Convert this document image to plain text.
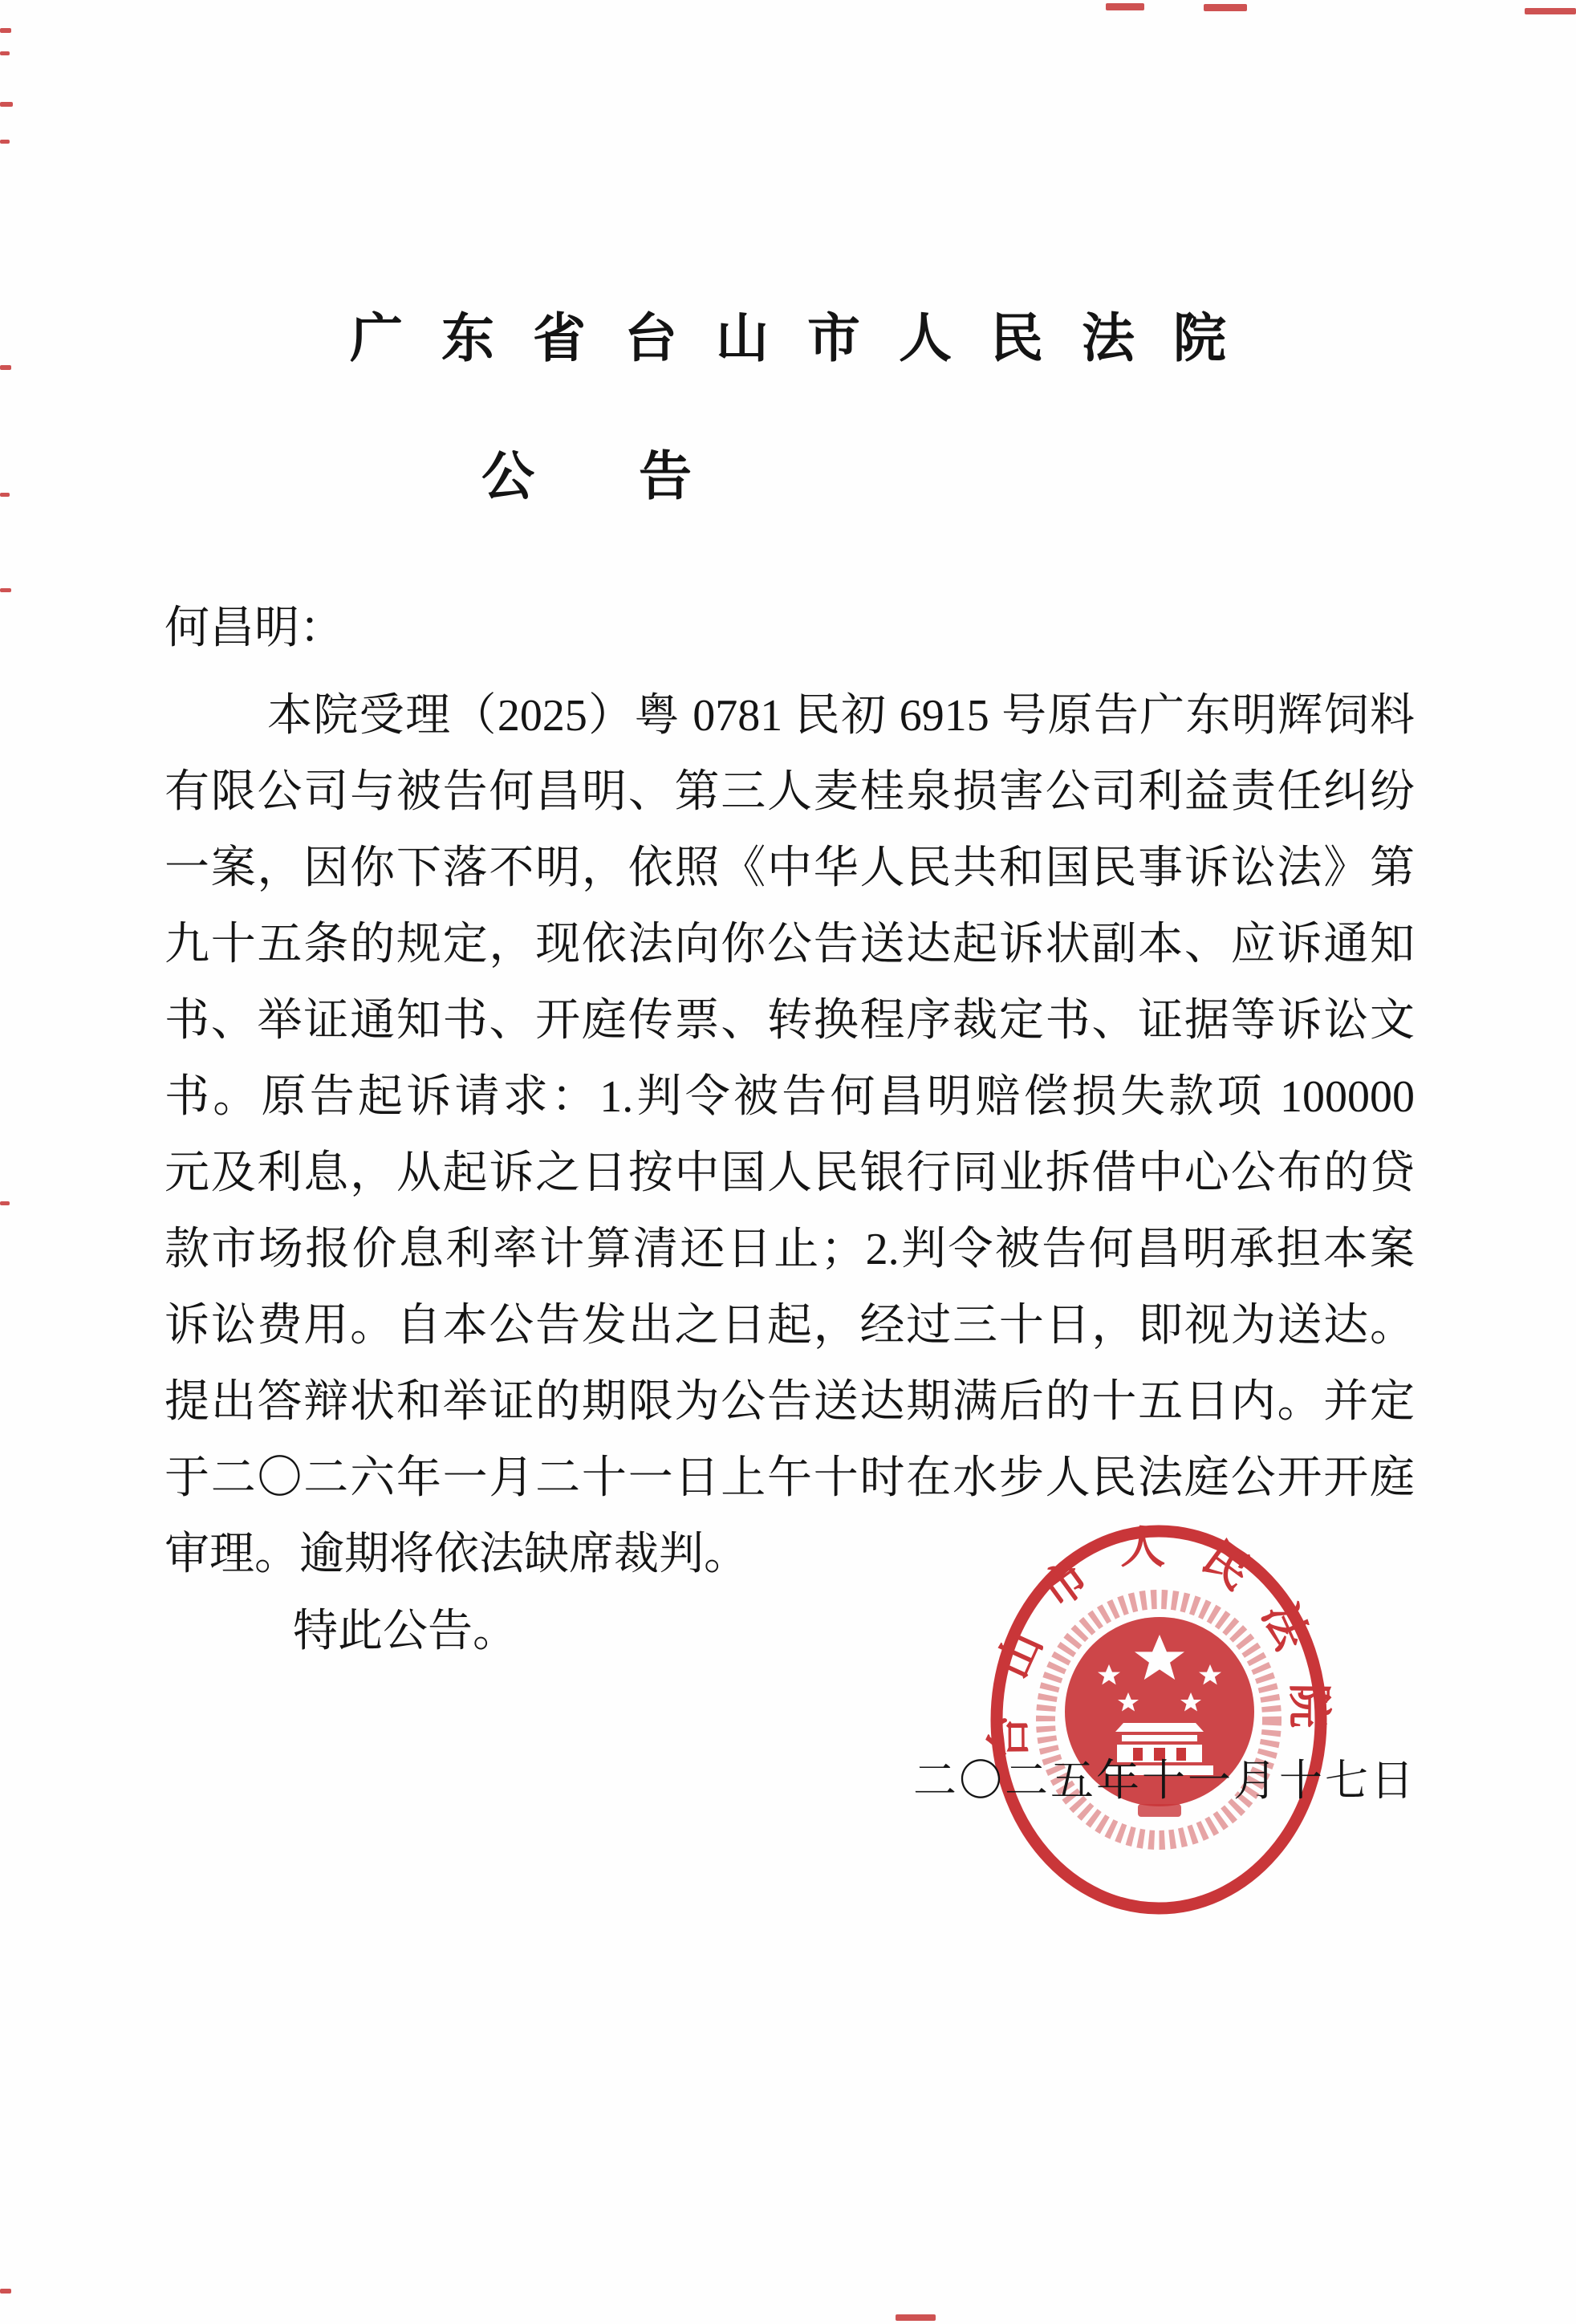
广东省台山市人民法院
公　告
何昌明：
本院受理（2025）粤 0781 民初 6915 号原告广东明辉饲料
有限公司与被告何昌明、第三人麦桂泉损害公司利益责任纠纷
一案，因你下落不明，依照《中华人民共和国民事诉讼法》第
九十五条的规定，现依法向你公告送达起诉状副本、应诉通知
书、举证通知书、开庭传票、转换程序裁定书、证据等诉讼文
书。原告起诉请求：1.判令被告何昌明赔偿损失款项 100000
元及利息，从起诉之日按中国人民银行同业拆借中心公布的贷
款市场报价息利率计算清还日止；2.判令被告何昌明承担本案
诉讼费用。自本公告发出之日起，经过三十日，即视为送达。
提出答辩状和举证的期限为公告送达期满后的十五日内。并定
于二〇二六年一月二十一日上午十时在水步人民法庭公开开庭
审理。逾期将依法缺席裁判。
特此公告。
二〇二五年十一月十七日
台山市人民法院
